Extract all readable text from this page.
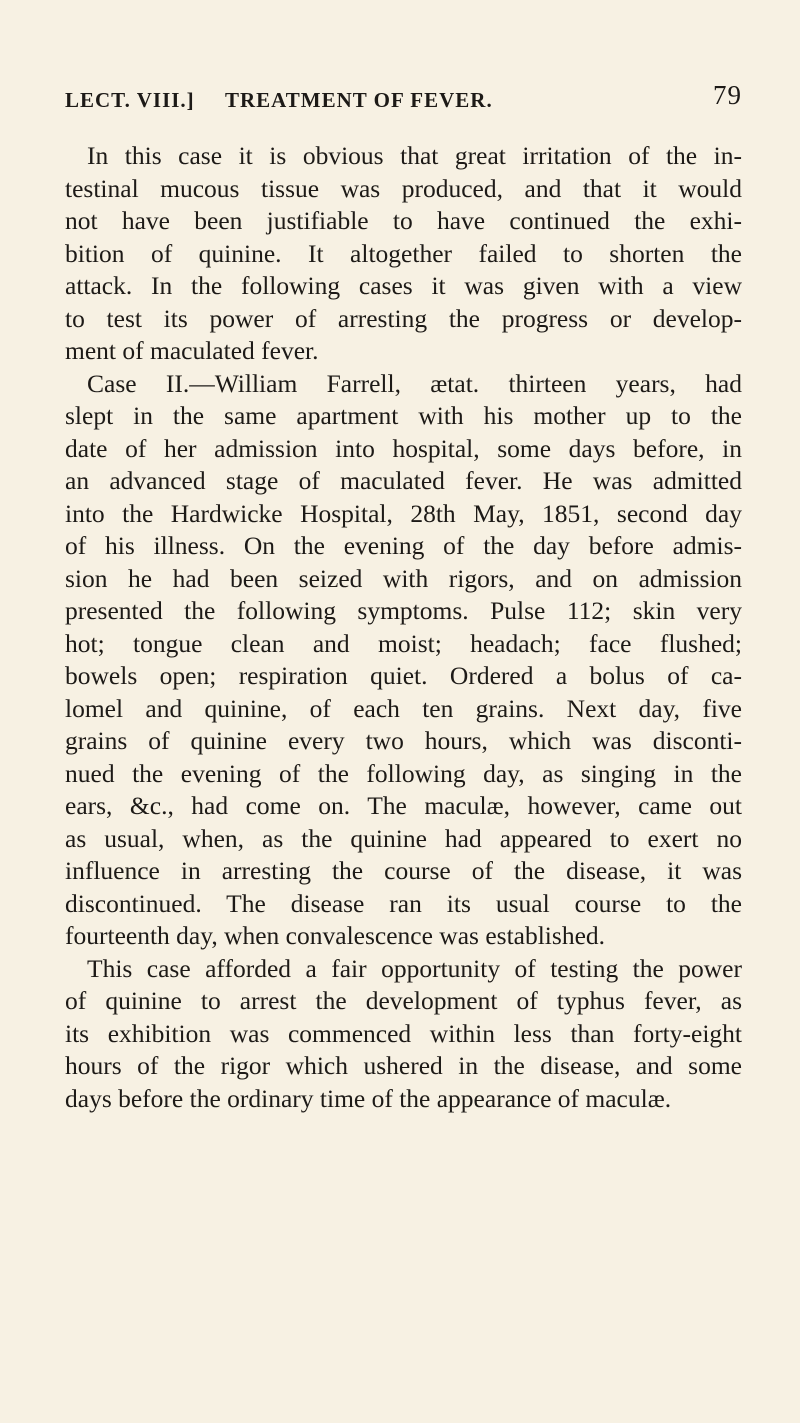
LECT. VIII.] TREATMENT OF FEVER.	79
In this case it is obvious that great irritation of the in-
testinal mucous tissue was produced, and that it would
not have been justifiable to have continued the exhi-
bition of quinine. It altogether failed to shorten the
attack. In the following cases it was given with a view
to test its power of arresting the progress or develop-
ment of maculated fever.
Case II.—William Farrell, ætat. thirteen years, had
slept in the same apartment with his mother up to the
date of her admission into hospital, some days before, in
an advanced stage of maculated fever. He was admitted
into the Hardwicke Hospital, 28th May, 1851, second day
of his illness. On the evening of the day before admis-
sion he had been seized with rigors, and on admission
presented the following symptoms. Pulse 112; skin very
hot; tongue clean and moist; headach; face flushed;
bowels open; respiration quiet. Ordered a bolus of ca-
lomel and quinine, of each ten grains. Next day, five
grains of quinine every two hours, which was disconti-
nued the evening of the following day, as singing in the
ears, &c., had come on. The maculæ, however, came out
as usual, when, as the quinine had appeared to exert no
influence in arresting the course of the disease, it was
discontinued. The disease ran its usual course to the
fourteenth day, when convalescence was established.
This case afforded a fair opportunity of testing the power
of quinine to arrest the development of typhus fever, as
its exhibition was commenced within less than forty-eight
hours of the rigor which ushered in the disease, and some
days before the ordinary time of the appearance of maculæ.
